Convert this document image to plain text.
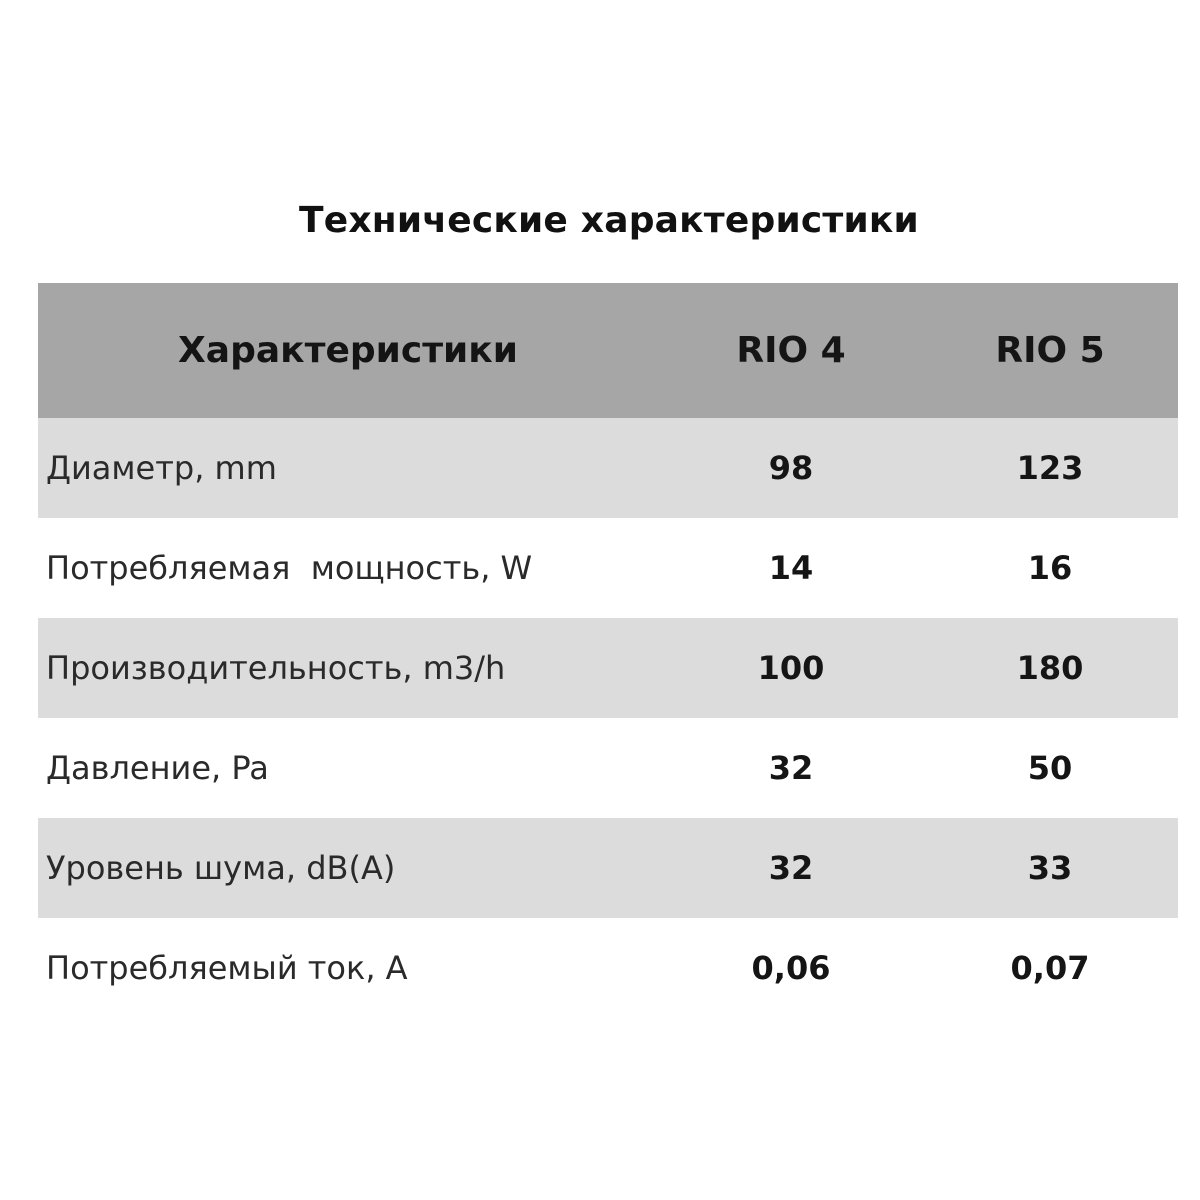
Технические характеристики
Характеристики	RIO 4	RIO 5
Диаметр, mm	98	123
Потребляемая  мощность, W	14	16
Производительность, m3/h	100	180
Давление, Pa	32	50
Уровень шума, dB(A)	32	33
Потребляемый ток, A	0,06	0,07
